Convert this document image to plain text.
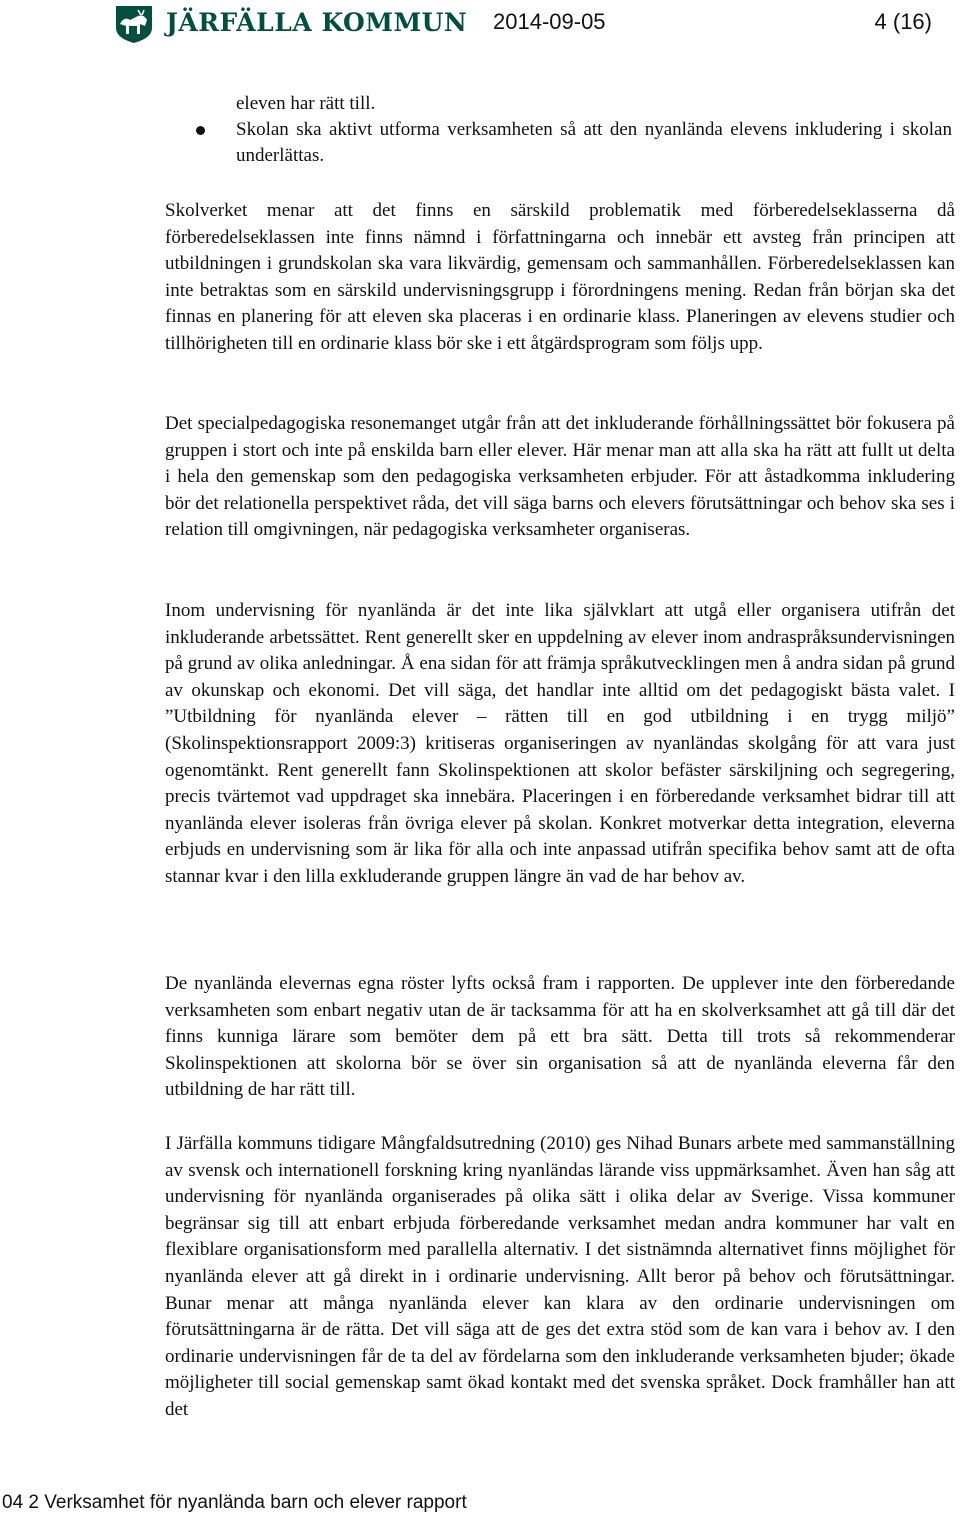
JÄRFÄLLA KOMMUN 2014-09-05	4 (16)
eleven har rätt till.
Skolan ska aktivt utforma verksamheten så att den nyanlända elevens inkludering i skolan underlättas.

Skolverket menar att det finns en särskild problematik med förberedelseklasserna då förberedelseklassen inte finns nämnd i författningarna och innebär ett avsteg från principen att utbildningen i grundskolan ska vara likvärdig, gemensam och sammanhållen. Förberedelseklassen kan inte betraktas som en särskild undervisningsgrupp i förordningens mening. Redan från början ska det finnas en planering för att eleven ska placeras i en ordinarie klass. Planeringen av elevens studier och tillhörigheten till en ordinarie klass bör ske i ett åtgärdsprogram som följs upp.

Det specialpedagogiska resonemanget utgår från att det inkluderande förhållningssättet bör fokusera på gruppen i stort och inte på enskilda barn eller elever. Här menar man att alla ska ha rätt att fullt ut delta i hela den gemenskap som den pedagogiska verksamheten erbjuder. För att åstadkomma inkludering bör det relationella perspektivet råda, det vill säga barns och elevers förutsättningar och behov ska ses i relation till omgivningen, när pedagogiska verksamheter organiseras.

Inom undervisning för nyanlända är det inte lika självklart att utgå eller organisera utifrån det inkluderande arbetssättet. Rent generellt sker en uppdelning av elever inom andraspråksundervisningen på grund av olika anledningar. Å ena sidan för att främja språkutvecklingen men å andra sidan på grund av okunskap och ekonomi. Det vill säga, det handlar inte alltid om det pedagogiskt bästa valet. I ”Utbildning för nyanlända elever – rätten till en god utbildning i en trygg miljö” (Skolinspektionsrapport 2009:3) kritiseras organiseringen av nyanländas skolgång för att vara just ogenomtänkt. Rent generellt fann Skolinspektionen att skolor befäster särskiljning och segregering, precis tvärtemot vad uppdraget ska innebära. Placeringen i en förberedande verksamhet bidrar till att nyanlända elever isoleras från övriga elever på skolan. Konkret motverkar detta integration, eleverna erbjuds en undervisning som är lika för alla och inte anpassad utifrån specifika behov samt att de ofta stannar kvar i den lilla exkluderande gruppen längre än vad de har behov av.

De nyanlända elevernas egna röster lyfts också fram i rapporten. De upplever inte den förberedande verksamheten som enbart negativ utan de är tacksamma för att ha en skolverksamhet att gå till där det finns kunniga lärare som bemöter dem på ett bra sätt. Detta till trots så rekommenderar Skolinspektionen att skolorna bör se över sin organisation så att de nyanlända eleverna får den utbildning de har rätt till.

I Järfälla kommuns tidigare Mångfaldsutredning (2010) ges Nihad Bunars arbete med sammanställning av svensk och internationell forskning kring nyanländas lärande viss uppmärksamhet. Även han såg att undervisning för nyanlända organiserades på olika sätt i olika delar av Sverige. Vissa kommuner begränsar sig till att enbart erbjuda förberedande verksamhet medan andra kommuner har valt en flexiblare organisationsform med parallella alternativ. I det sistnämnda alternativet finns möjlighet för nyanlända elever att gå direkt in i ordinarie undervisning. Allt beror på behov och förutsättningar. Bunar menar att många nyanlända elever kan klara av den ordinarie undervisningen om förutsättningarna är de rätta. Det vill säga att de ges det extra stöd som de kan vara i behov av. I den ordinarie undervisningen får de ta del av fördelarna som den inkluderande verksamheten bjuder; ökade möjligheter till social gemenskap samt ökad kontakt med det svenska språket. Dock framhåller han att det

04 2 Verksamhet för nyanlända barn och elever rapport
